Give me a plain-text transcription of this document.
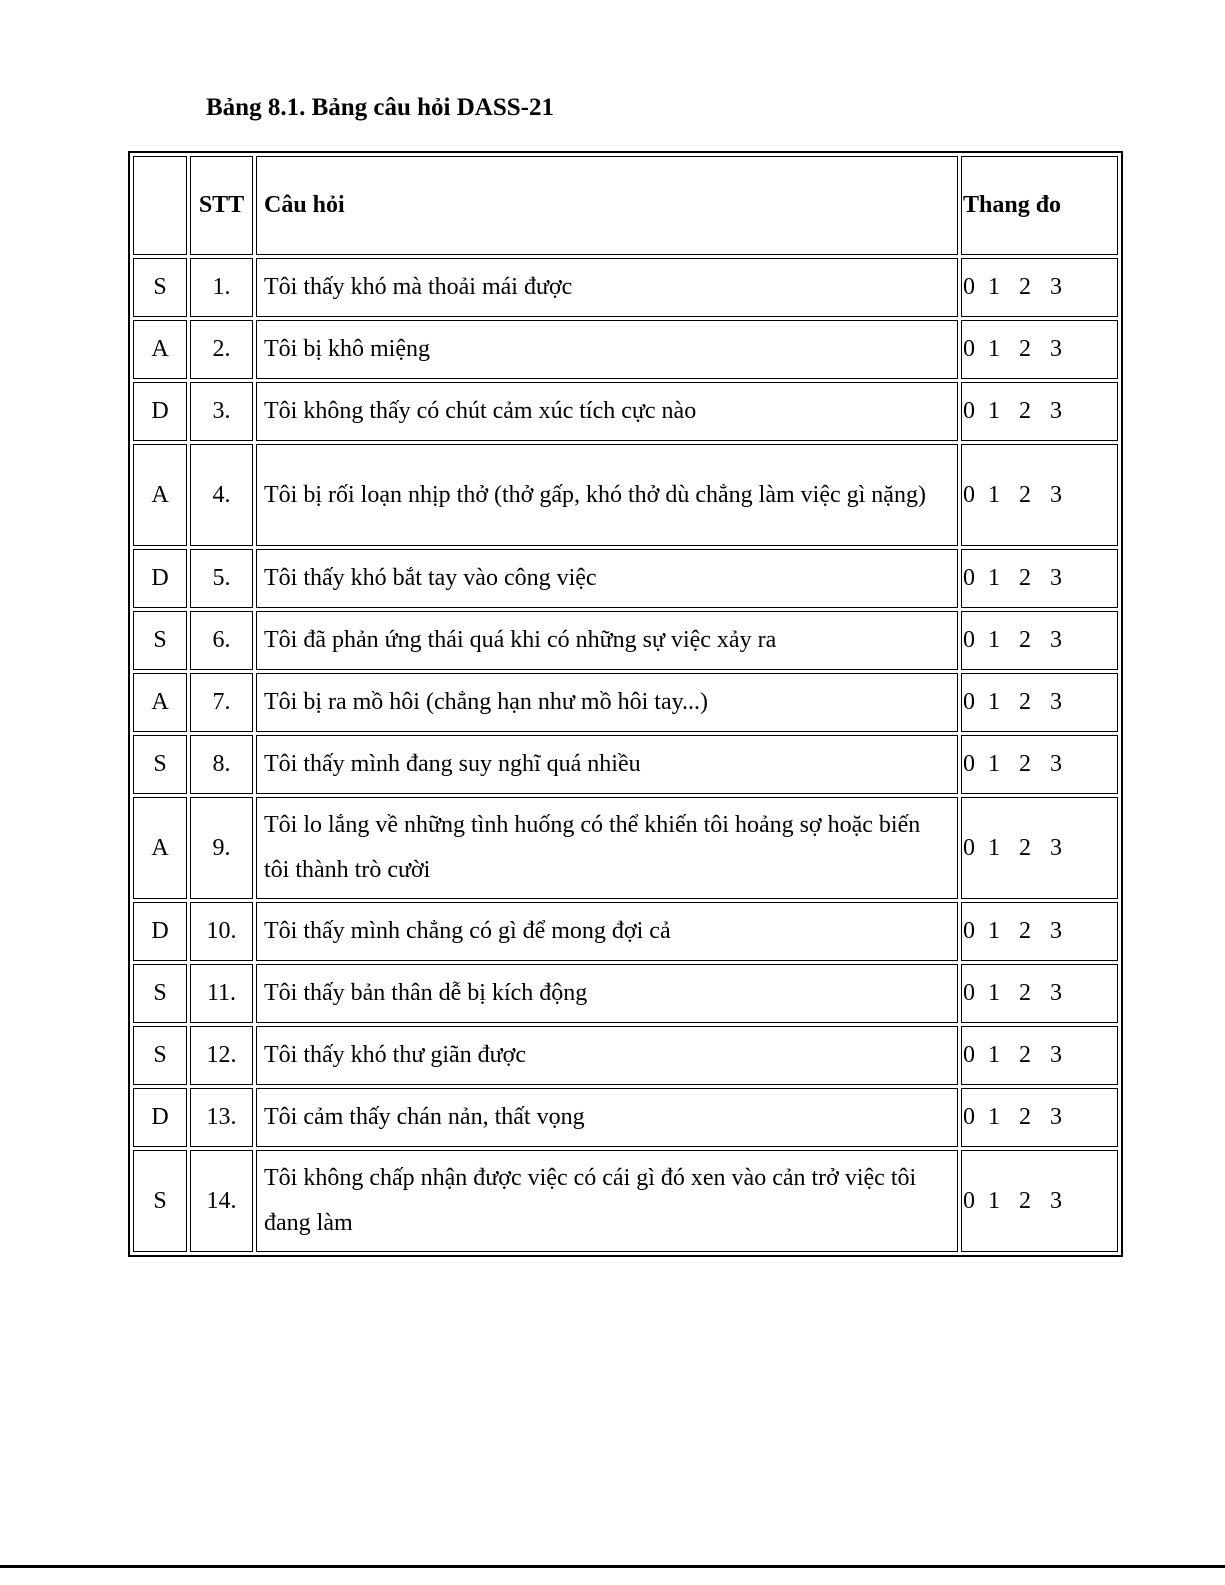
Bảng 8.1. Bảng câu hỏi DASS-21
	STT	Câu hỏi	Thang đo
S	1.	Tôi thấy khó mà thoải mái được	0 1 2 3
A	2.	Tôi bị khô miệng	0 1 2 3
D	3.	Tôi không thấy có chút cảm xúc tích cực nào	0 1 2 3
A	4.	Tôi bị rối loạn nhịp thở (thở gấp, khó thở dù chẳng làm việc gì nặng)	0 1 2 3
D	5.	Tôi thấy khó bắt tay vào công việc	0 1 2 3
S	6.	Tôi đã phản ứng thái quá khi có những sự việc xảy ra	0 1 2 3
A	7.	Tôi bị ra mồ hôi (chẳng hạn như mồ hôi tay...)	0 1 2 3
S	8.	Tôi thấy mình đang suy nghĩ quá nhiều	0 1 2 3
A	9.	Tôi lo lắng về những tình huống có thể khiến tôi hoảng sợ hoặc biến tôi thành trò cười	0 1 2 3
D	10.	Tôi thấy mình chẳng có gì để mong đợi cả	0 1 2 3
S	11.	Tôi thấy bản thân dễ bị kích động	0 1 2 3
S	12.	Tôi thấy khó thư giãn được	0 1 2 3
D	13.	Tôi cảm thấy chán nản, thất vọng	0 1 2 3
S	14.	Tôi không chấp nhận được việc có cái gì đó xen vào cản trở việc tôi đang làm	0 1 2 3
